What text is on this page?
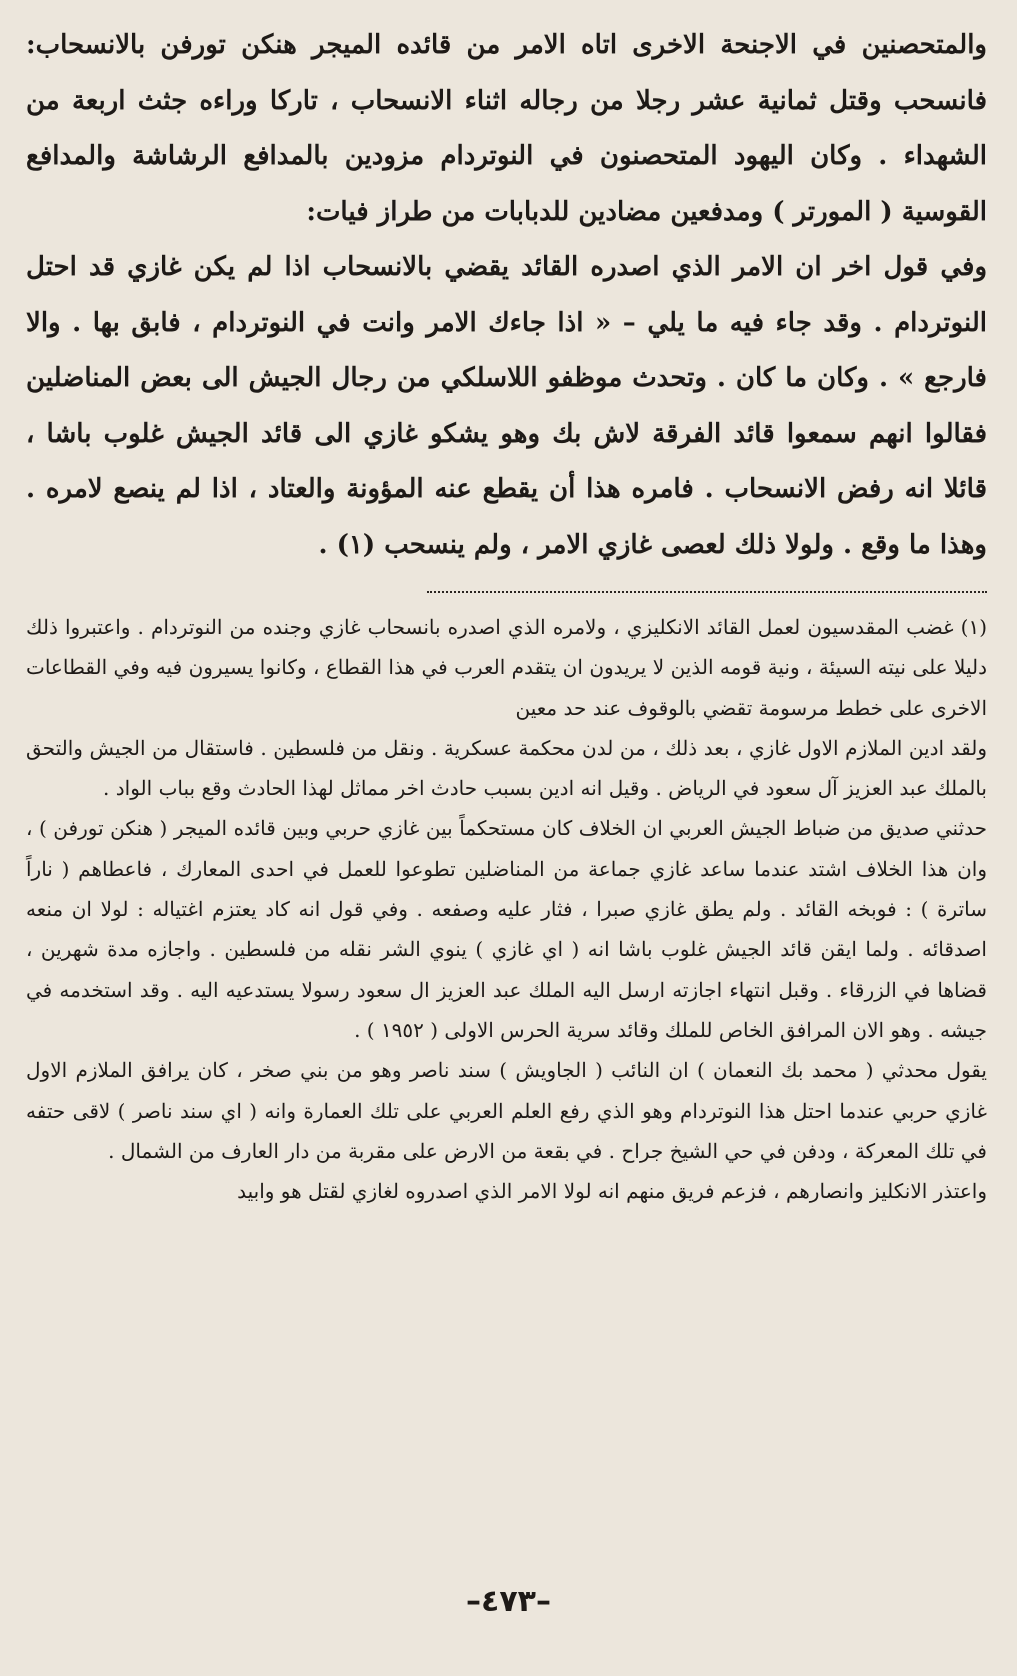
والمتحصنين في الاجنحة الاخرى اتاه الامر من قائده الميجر هنكن تورفن بالانسحاب: فانسحب وقتل ثمانية عشر رجلا من رجاله اثناء الانسحاب ، تاركا وراءه جثث اربعة من الشهداء . وكان اليهود المتحصنون في النوتردام مزودين بالمدافع الرشاشة والمدافع القوسية ( المورتر ) ومدفعين مضادين للدبابات من طراز فيات:

وفي قول اخر ان الامر الذي اصدره القائد يقضي بالانسحاب اذا لم يكن غازي قد احتل النوتردام . وقد جاء فيه ما يلي – « اذا جاءك الامر وانت في النوتردام ، فابق بها . والا فارجع » . وكان ما كان . وتحدث موظفو اللاسلكي من رجال الجيش الى بعض المناضلين فقالوا انهم سمعوا قائد الفرقة لاش بك وهو يشكو غازي الى قائد الجيش غلوب باشا ، قائلا انه رفض الانسحاب . فامره هذا أن يقطع عنه المؤونة والعتاد ، اذا لم ينصع لامره . وهذا ما وقع . ولولا ذلك لعصى غازي الامر ، ولم ينسحب (١) .

(١) غضب المقدسيون لعمل القائد الانكليزي ، ولامره الذي اصدره بانسحاب غازي وجنده من النوتردام . واعتبروا ذلك دليلا على نيته السيئة ، ونية قومه الذين لا يريدون ان يتقدم العرب في هذا القطاع ، وكانوا يسيرون فيه وفي القطاعات الاخرى على خطط مرسومة تقضي بالوقوف عند حد معين

ولقد ادين الملازم الاول غازي ، بعد ذلك ، من لدن محكمة عسكرية . ونقل من فلسطين . فاستقال من الجيش والتحق بالملك عبد العزيز آل سعود في الرياض . وقيل انه ادين بسبب حادث اخر مماثل لهذا الحادث وقع بباب الواد .

حدثني صديق من ضباط الجيش العربي ان الخلاف كان مستحكماً بين غازي حربي وبين قائده الميجر ( هنكن تورفن ) ، وان هذا الخلاف اشتد عندما ساعد غازي جماعة من المناضلين تطوعوا للعمل في احدى المعارك ، فاعطاهم ( ناراً ساترة ) : فوبخه القائد . ولم يطق غازي صبرا ، فثار عليه وصفعه . وفي قول انه كاد يعتزم اغتياله : لولا ان منعه اصدقائه . ولما ايقن قائد الجيش غلوب باشا انه ( اي غازي ) ينوي الشر نقله من فلسطين . واجازه مدة شهرين ، قضاها في الزرقاء . وقبل انتهاء اجازته ارسل اليه الملك عبد العزيز ال سعود رسولا يستدعيه اليه . وقد استخدمه في جيشه . وهو الان المرافق الخاص للملك وقائد سرية الحرس الاولى ( ١٩٥٢ ) .

يقول محدثي ( محمد بك النعمان ) ان النائب ( الجاويش ) سند ناصر وهو من بني صخر ، كان يرافق الملازم الاول غازي حربي عندما احتل هذا النوتردام وهو الذي رفع العلم العربي على تلك العمارة وانه ( اي سند ناصر ) لاقى حتفه في تلك المعركة ، ودفن في حي الشيخ جراح . في بقعة من الارض على مقربة من دار العارف من الشمال .

واعتذر الانكليز وانصارهم ، فزعم فريق منهم انه لولا الامر الذي اصدروه لغازي لقتل هو وابيد

–٤٧٣–
